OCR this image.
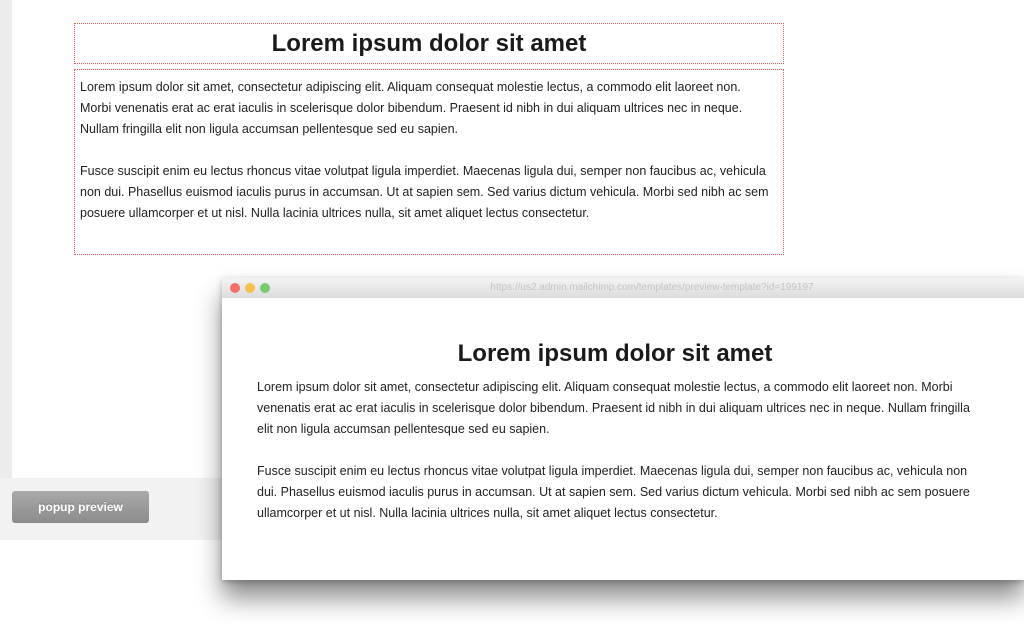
Lorem ipsum dolor sit amet

Lorem ipsum dolor sit amet, consectetur adipiscing elit. Aliquam consequat molestie lectus, a commodo elit laoreet non. Morbi venenatis erat ac erat iaculis in scelerisque dolor bibendum. Praesent id nibh in dui aliquam ultrices nec in neque. Nullam fringilla elit non ligula accumsan pellentesque sed eu sapien.

Fusce suscipit enim eu lectus rhoncus vitae volutpat ligula imperdiet. Maecenas ligula dui, semper non faucibus ac, vehicula non dui. Phasellus euismod iaculis purus in accumsan. Ut at sapien sem. Sed varius dictum vehicula. Morbi sed nibh ac sem posuere ullamcorper et ut nisl. Nulla lacinia ultrices nulla, sit amet aliquet lectus consectetur.

popup preview
https://us2.admin.mailchimp.com/templates/preview-template?id=199197
Lorem ipsum dolor sit amet

Lorem ipsum dolor sit amet, consectetur adipiscing elit. Aliquam consequat molestie lectus, a commodo elit laoreet non. Morbi venenatis erat ac erat iaculis in scelerisque dolor bibendum. Praesent id nibh in dui aliquam ultrices nec in neque. Nullam fringilla elit non ligula accumsan pellentesque sed eu sapien.

Fusce suscipit enim eu lectus rhoncus vitae volutpat ligula imperdiet. Maecenas ligula dui, semper non faucibus ac, vehicula non dui. Phasellus euismod iaculis purus in accumsan. Ut at sapien sem. Sed varius dictum vehicula. Morbi sed nibh ac sem posuere ullamcorper et ut nisl. Nulla lacinia ultrices nulla, sit amet aliquet lectus consectetur.
